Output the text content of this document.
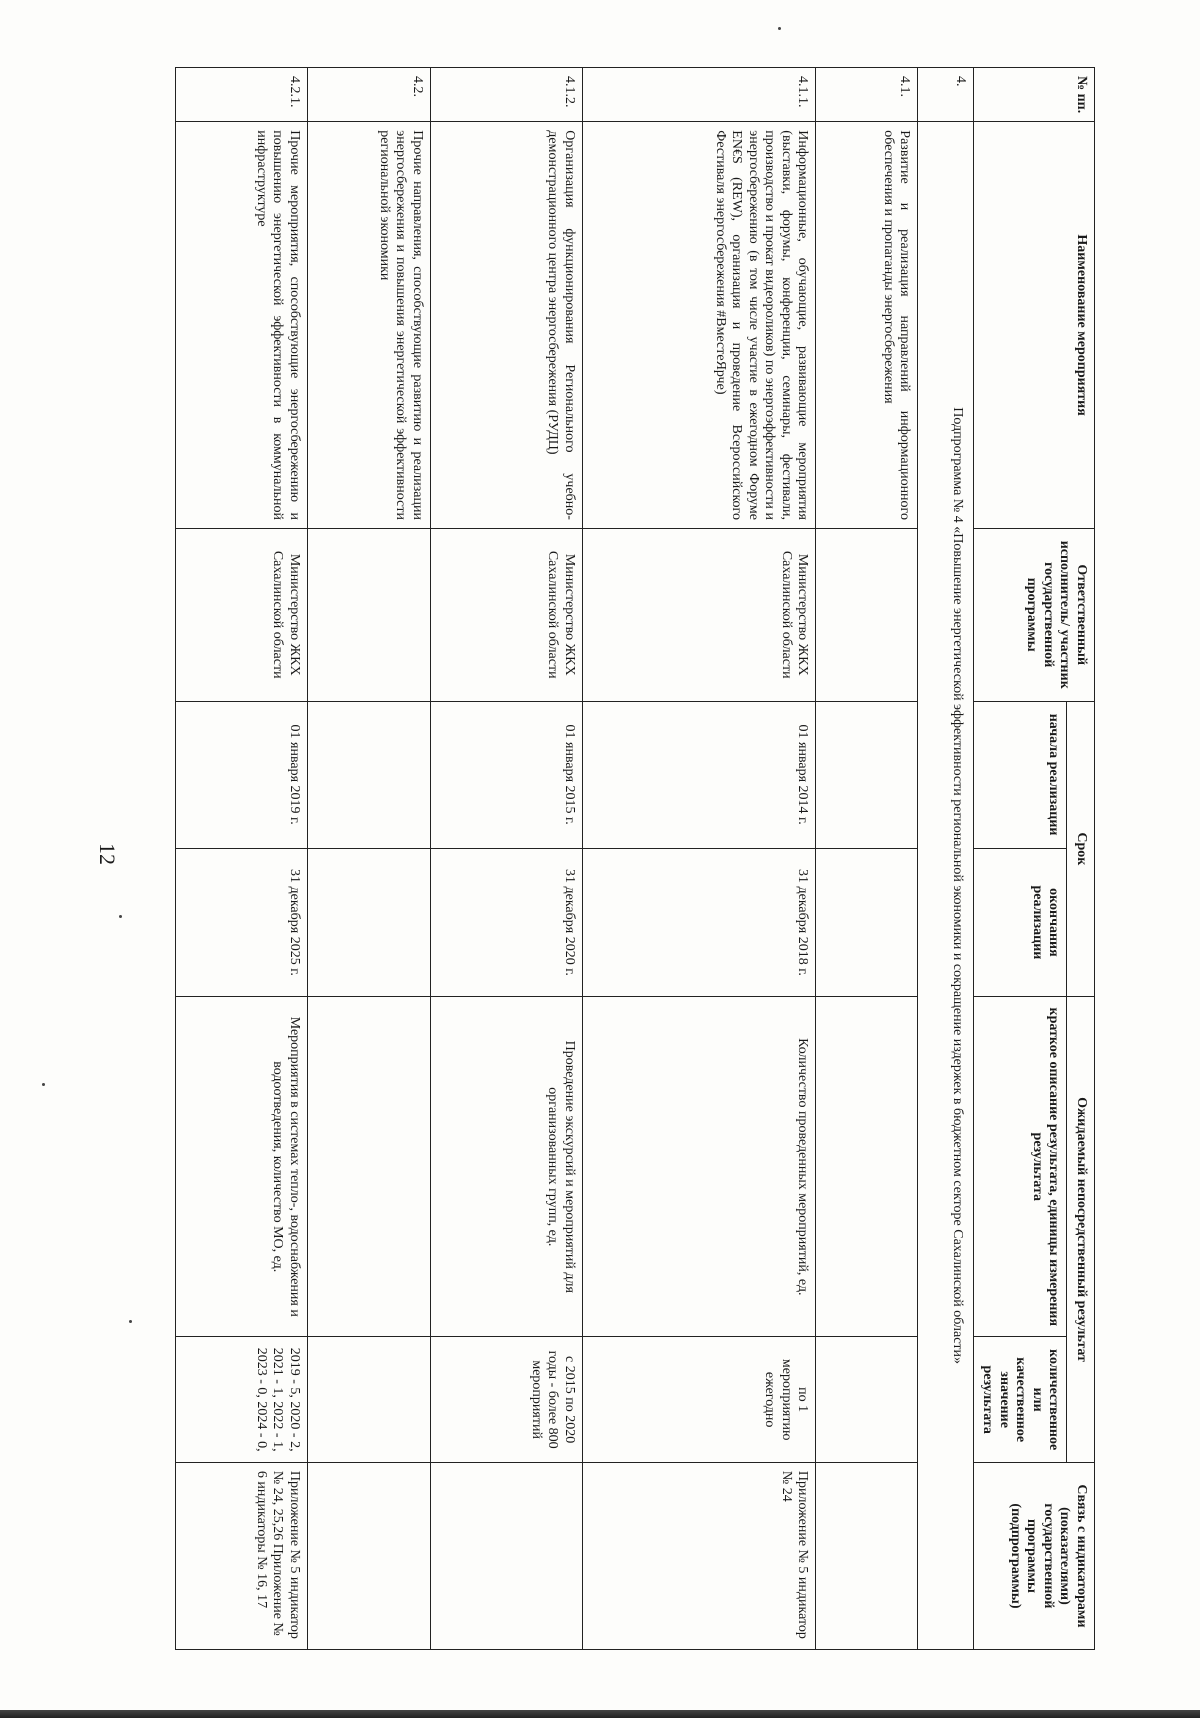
12
№ пп.	Наименование мероприятия	Ответственный исполнитель/ участник государственной программы	Срок		Ожидаемый непосредственный результат		Связь с индикаторами (показателями) государственной программы (подпрограммы)
			начала реализации	окончания реализации	краткое описание результата, единицы измерения результата	количественное или качественное значение результата	
4.	Подпрограмма № 4 «Повышение энергетической эффективности региональной экономики и сокращение издержек в бюджетном секторе Сахалинской области»						
4.1.	Развитие и реализация направлений информационного обеспечения и пропаганды энергосбережения						
4.1.1.	Информационные, обучающие, развивающие мероприятия (выставки, форумы, конференции, семинары, фестивали, производство и прокат видеороликов) по энергоэффективности и энергосбережению (в том числе участие в ежегодном Форуме ЕN€S (REW), организация и проведение Всероссийского Фестиваля энергосбережения #ВместеЯрче)	Министерство ЖКХ Сахалинской области	01 января 2014 г.	31 декабря 2018 г.	Количество проведенных мероприятий, ед.	по 1 мероприятию ежегодно	Приложение № 5 индикатор № 24
4.1.2.	Организация функционирования Регионального учебно-демонстрационного центра энергосбережения (РУДЦ)	Министерство ЖКХ Сахалинской области	01 января 2015 г.	31 декабря 2020 г.	Проведение экскурсий и мероприятий для организованных групп, ед.	с 2015 по 2020 годы - более 800 мероприятий	
4.2.	Прочие направления, способствующие развитию и реализации энергосбережения и повышения энергетической эффективности региональной экономики						
4.2.1.	Прочие мероприятия, способствующие энергосбережению и повышению энергетической эффективности в коммунальной инфраструктуре	Министерство ЖКХ Сахалинской области	01 января 2019 г.	31 декабря 2025 г.	Мероприятия в системах тепло-, водоснабжения и водоотведения, количество МО, ед.	2019 - 5, 2020 - 2, 2021 - 1, 2022 - 1, 2023 - 0, 2024 - 0,	Приложение № 5 индикатор № 24, 25,26 Приложение № 6 индикаторы № 16, 17
